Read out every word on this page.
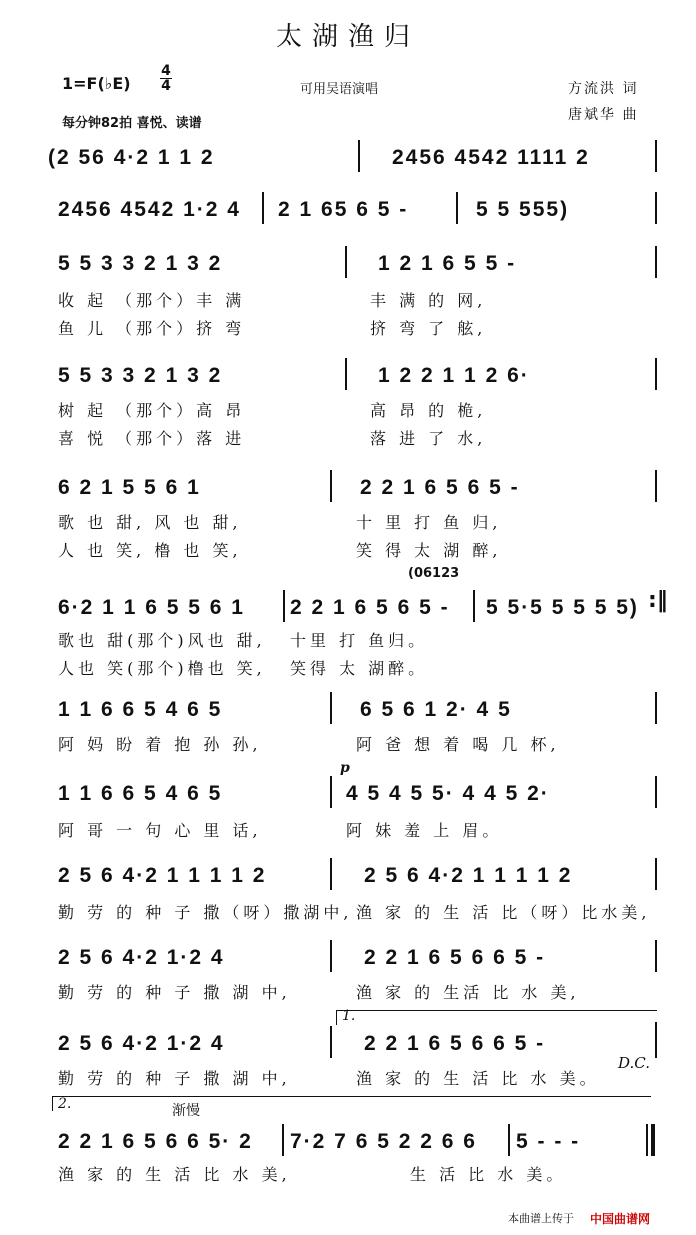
太湖渔归
1=F(♭E)
4
4	可用吴语演唱	方流洪 词
唐斌华 曲
每分钟82拍 喜悦、读谱
(2 56 4·2 1 1 2	2456 4542 1111 2
2456 4542 1·2 4 2 1 65 6 5 -	5 5 555)
5 5 3 3 2 1 3 2	1 2 1 6 5 5 -
收 起 （那个）丰 满	丰 满 的 网,
鱼 儿 （那个）挤 弯	挤 弯 了 舷,
5 5 3 3 2 1 3 2	1 2 2 1 1 2 6·
树 起 （那个）高 昂	高 昂 的 桅,
喜 悦 （那个）落 进	落 进 了 水,
6 2 1 5 5 6 1	2 2 1 6 5 6 5 -
歌 也 甜, 风 也 甜,	十 里 打 鱼 归,
人 也 笑, 橹 也 笑,	笑 得 太 湖 醉,
(06123
6·2 1 1 6 5 5 6 1 2 2 1 6 5 6 5 - 5 5·5 5 5 5 5) :‖
歌也 甜(那个)风也 甜, 十里 打 鱼归。
人也 笑(那个)橹也 笑, 笑得 太 湖醉。
1 1 6 6 5 4 6 5	6 5 6 1 2· 4 5
阿 妈 盼 着 抱 孙 孙,	阿 爸 想 着 喝 几 杯,
p
1 1 6 6 5 4 6 5	4 5 4 5 5· 4 4 5 2·
阿 哥 一 句 心 里 话,	阿 妹 羞 上 眉。
2 5 6 4·2 1 1 1 1 2	2 5 6 4·2 1 1 1 1 2
勤 劳 的 种 子 撒（呀）撒湖中, 渔 家 的 生 活 比（呀）比水美,
2 5 6 4·2 1·2 4	2 2 1 6 5 6 6 5 -
勤 劳 的 种 子 撒 湖 中,	渔 家 的 生活 比 水 美,
1.
2 5 6 4·2 1·2 4	2 2 1 6 5 6 6 5 -
D.C.
勤 劳 的 种 子 撒 湖 中,	渔 家 的 生 活 比 水 美。
2.	渐慢
2 2 1 6 5 6 6 5· 2 7·2 7 6 5 2 2 6 6 5 - - -
渔 家 的 生 活 比 水 美,	生 活 比 水 美。
本曲谱上传于 中国曲谱网
